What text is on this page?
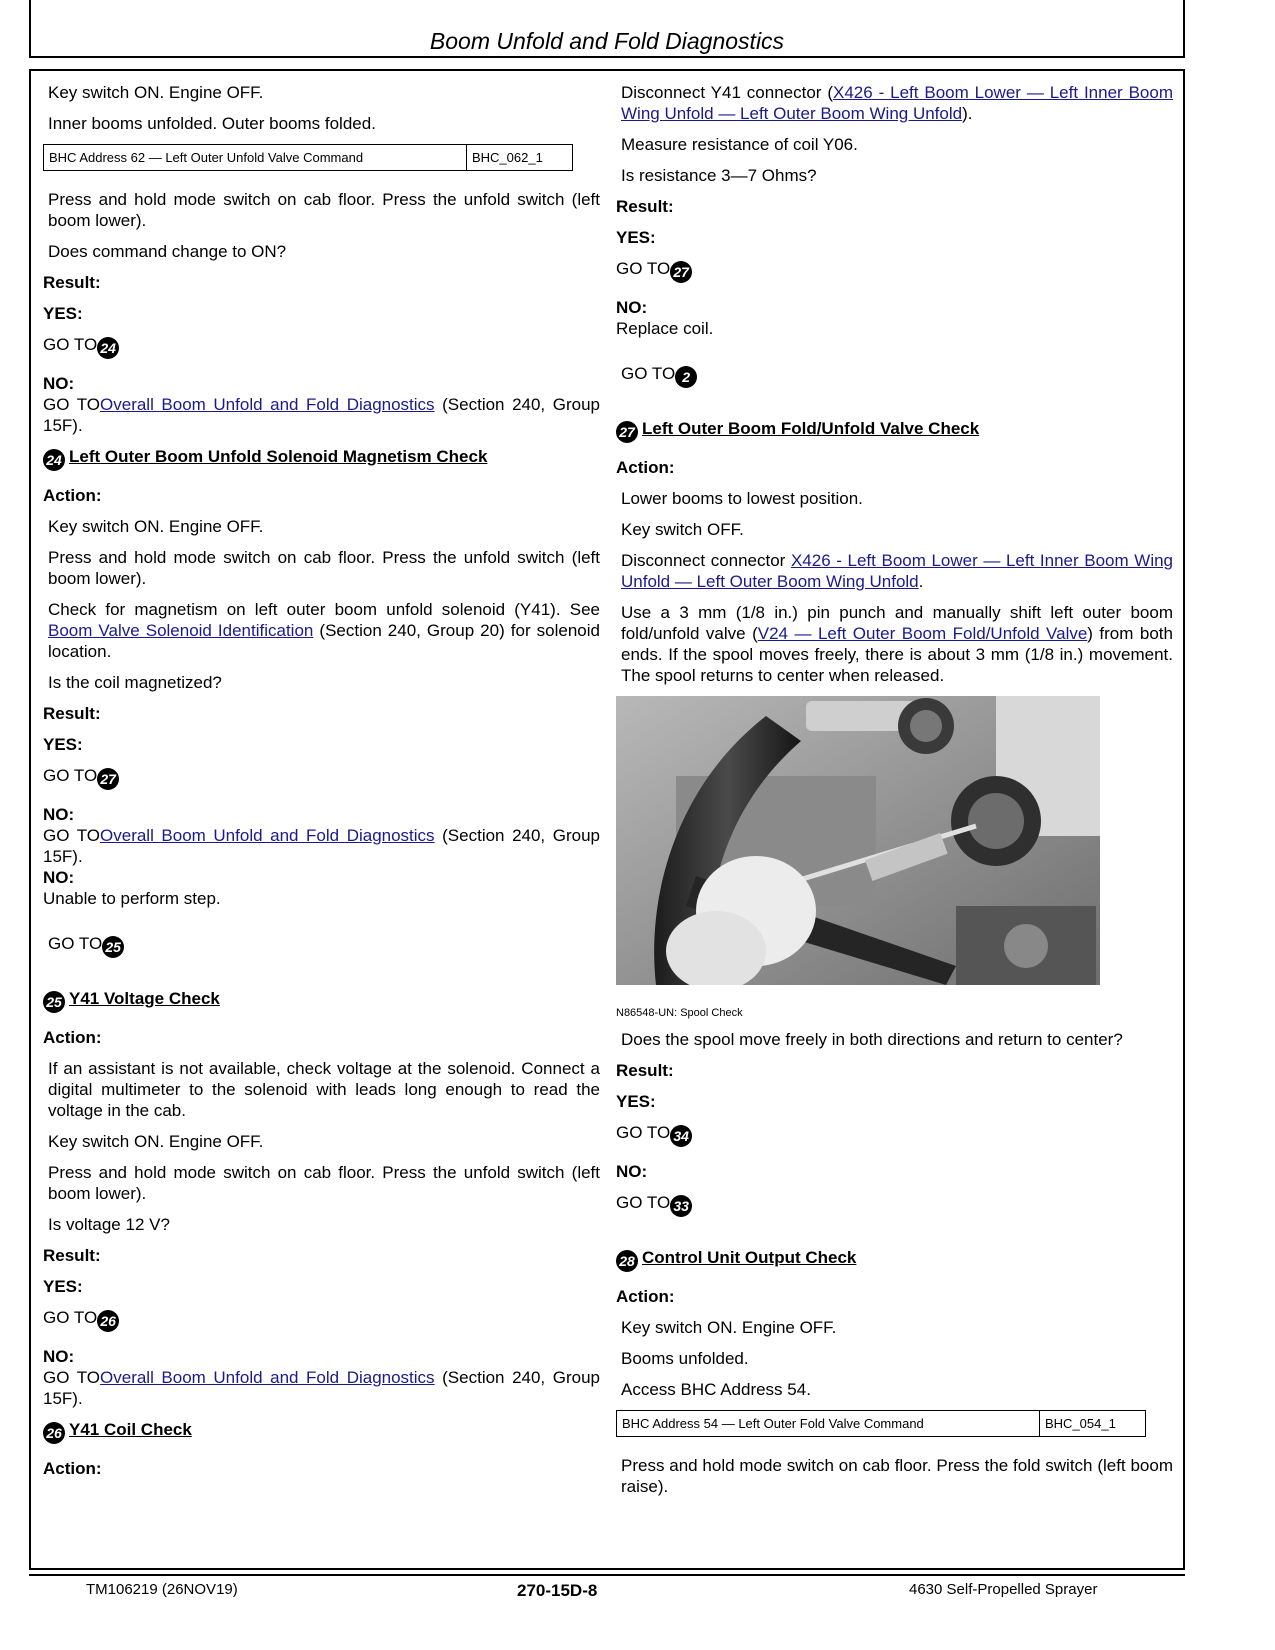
Boom Unfold and Fold Diagnostics

Key switch ON. Engine OFF.

Inner booms unfolded. Outer booms folded.

BHC Address 62 — Left Outer Unfold Valve Command	BHC_062_1

Press and hold mode switch on cab floor. Press the unfold switch (left boom lower).

Does command change to ON?

Result:
YES:
GO TO 24
NO:
GO TOOverall Boom Unfold and Fold Diagnostics (Section 240, Group 15F).
24 Left Outer Boom Unfold Solenoid Magnetism Check
Action:

Key switch ON. Engine OFF.

Press and hold mode switch on cab floor. Press the unfold switch (left boom lower).

Check for magnetism on left outer boom unfold solenoid (Y41). See Boom Valve Solenoid Identification (Section 240, Group 20) for solenoid location.

Is the coil magnetized?

Result:
YES:
GO TO 27
NO:
GO TOOverall Boom Unfold and Fold Diagnostics (Section 240, Group 15F).
NO:
Unable to perform step.
GO TO 25
25 Y41 Voltage Check
Action:

If an assistant is not available, check voltage at the solenoid. Connect a digital multimeter to the solenoid with leads long enough to read the voltage in the cab.

Key switch ON. Engine OFF.

Press and hold mode switch on cab floor. Press the unfold switch (left boom lower).

Is voltage 12 V?

Result:
YES:
GO TO 26
NO:
GO TOOverall Boom Unfold and Fold Diagnostics (Section 240, Group 15F).
26 Y41 Coil Check
Action:

Disconnect Y41 connector (X426 - Left Boom Lower — Left Inner Boom Wing Unfold — Left Outer Boom Wing Unfold).

Measure resistance of coil Y06.

Is resistance 3—7 Ohms?

Result:
YES:
GO TO 27
NO:
Replace coil.
GO TO 2
27 Left Outer Boom Fold/Unfold Valve Check
Action:

Lower booms to lowest position.

Key switch OFF.

Disconnect connector X426 - Left Boom Lower — Left Inner Boom Wing Unfold — Left Outer Boom Wing Unfold.

Use a 3 mm (1/8 in.) pin punch and manually shift left outer boom fold/unfold valve (V24 — Left Outer Boom Fold/Unfold Valve) from both ends. If the spool moves freely, there is about 3 mm (1/8 in.) movement. The spool returns to center when released.

N86548-UN: Spool Check

Does the spool move freely in both directions and return to center?

Result:
YES:
GO TO 34
NO:
GO TO 33
28 Control Unit Output Check
Action:

Key switch ON. Engine OFF.

Booms unfolded.

Access BHC Address 54.

BHC Address 54 — Left Outer Fold Valve Command	BHC_054_1

Press and hold mode switch on cab floor. Press the fold switch (left boom raise).

TM106219 (26NOV19)	270-15D-8	4630 Self-Propelled Sprayer
